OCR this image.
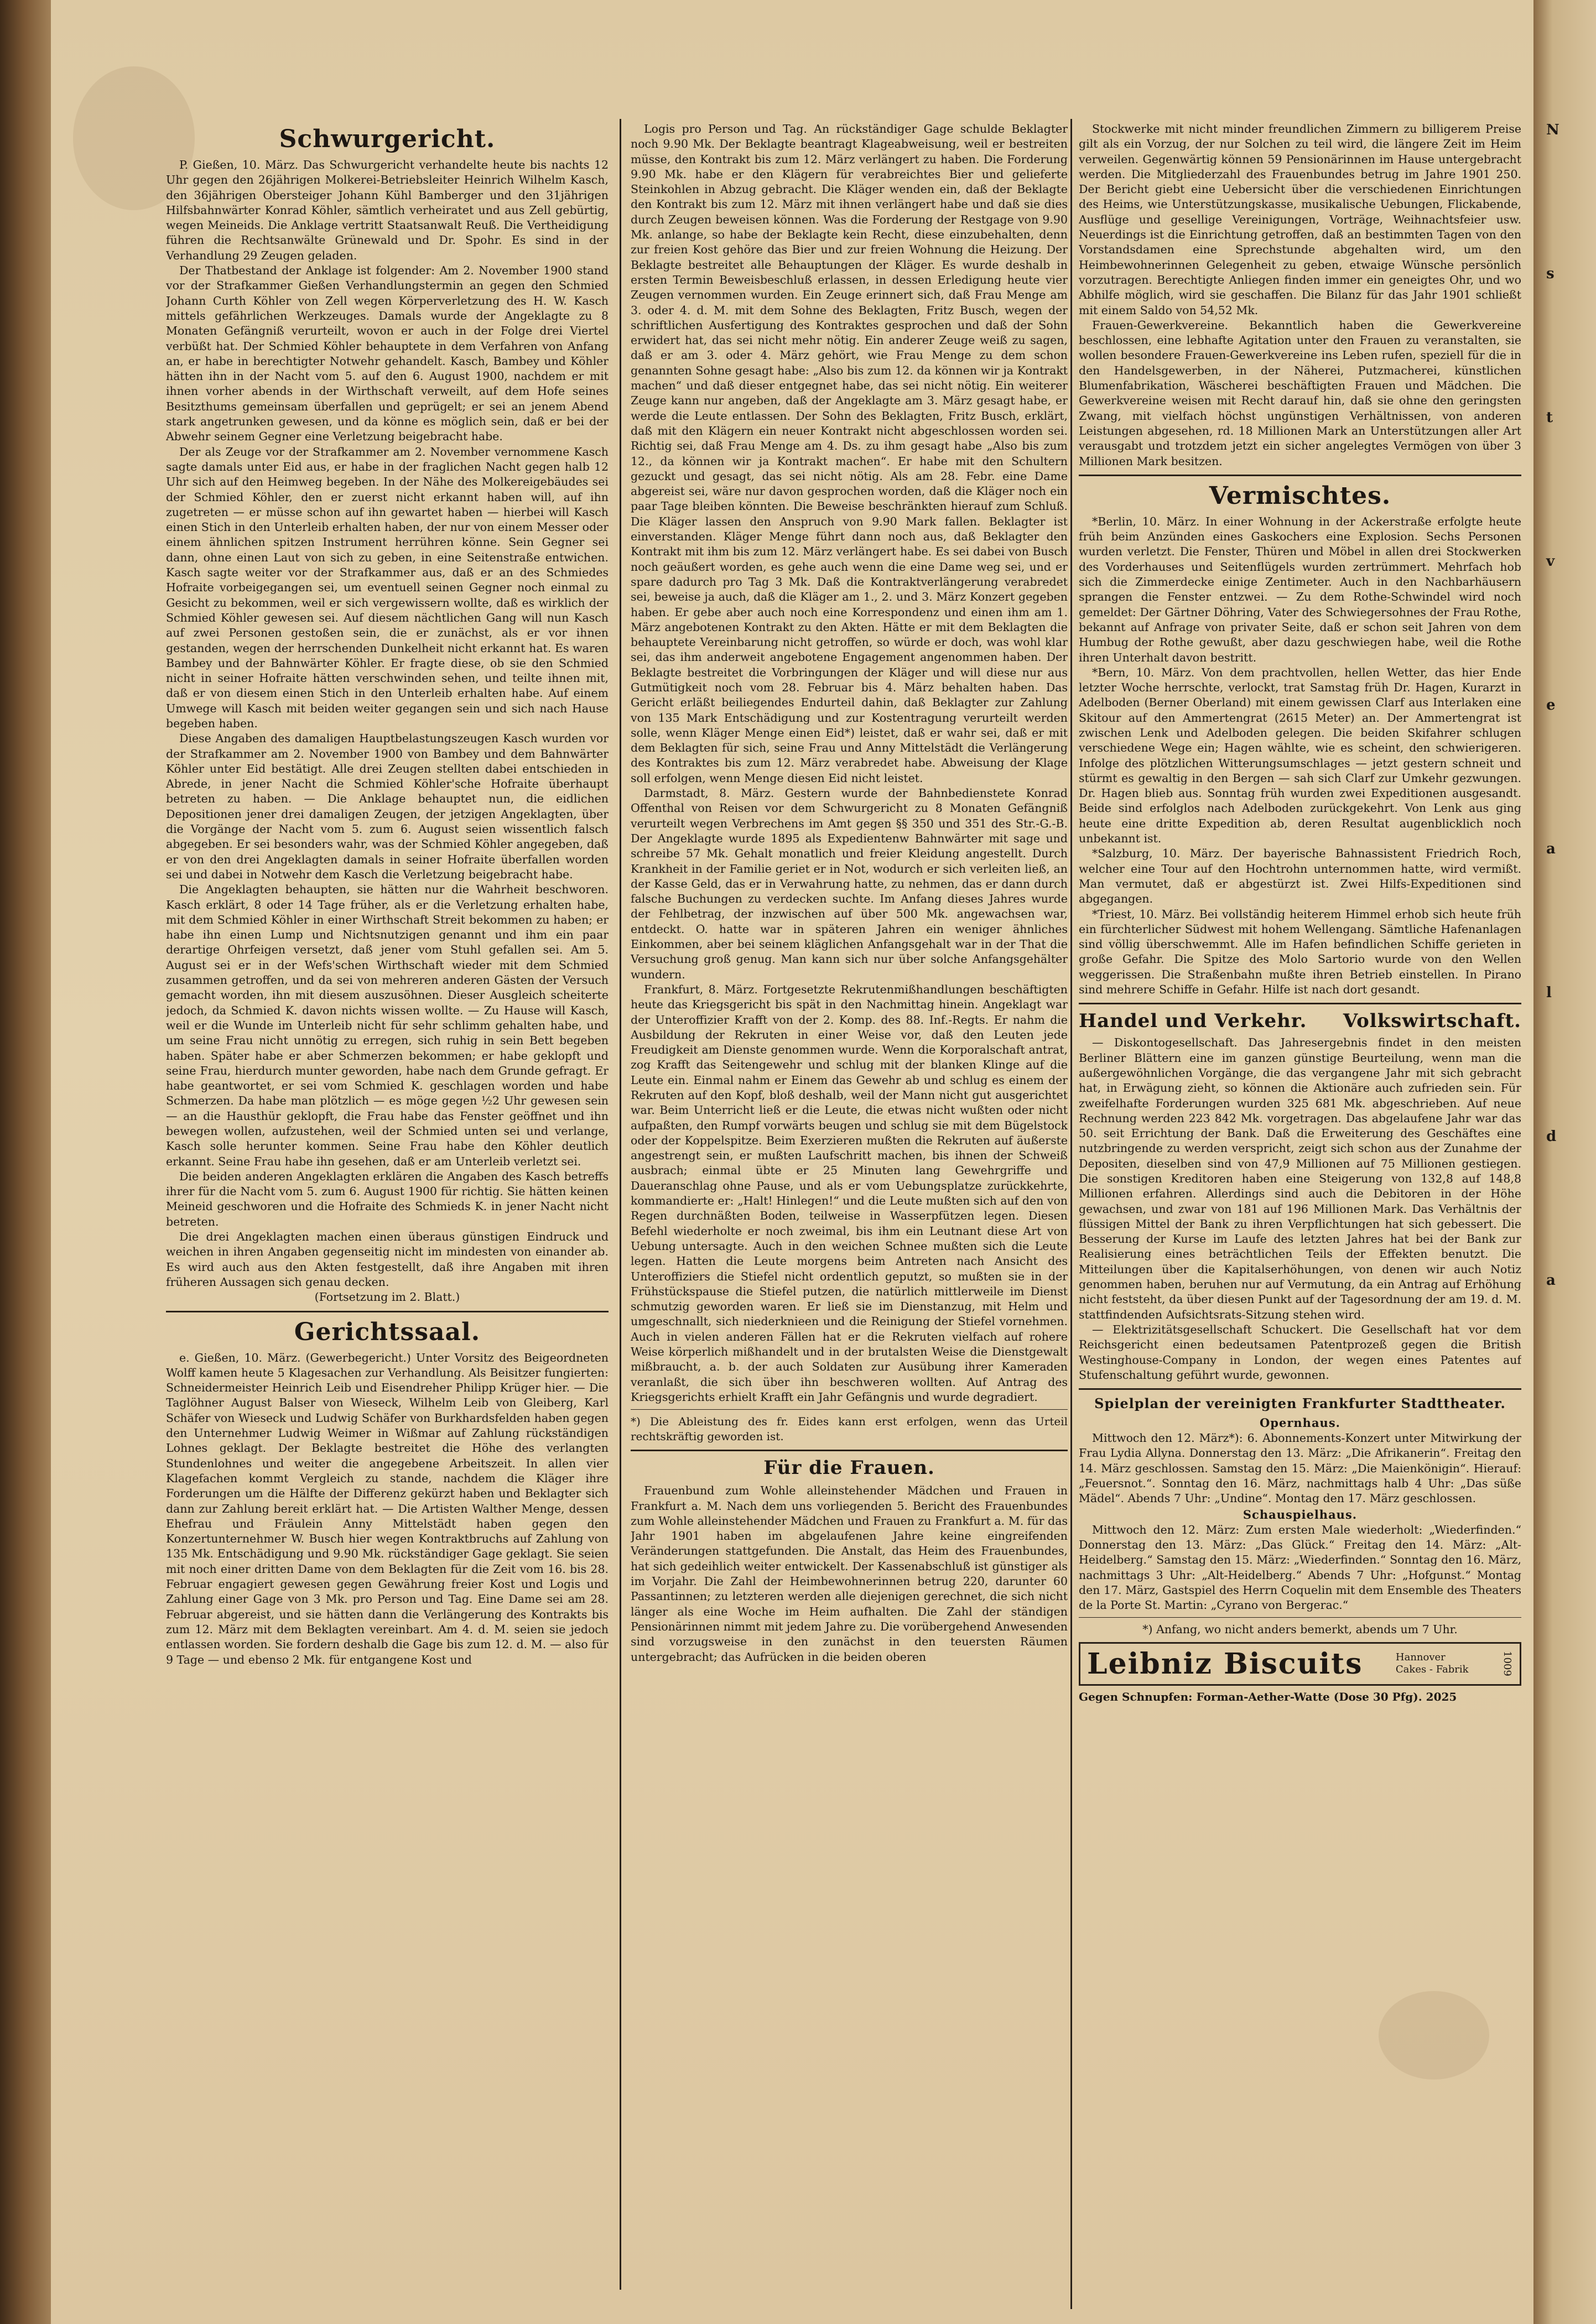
Schwurgericht.

P. Gießen, 10. März. Das Schwurgericht verhandelte heute bis nachts 12 Uhr gegen den 26jährigen Molkerei-Betriebsleiter Heinrich Wilhelm Kasch, den 36jährigen Obersteiger Johann Kühl Bamberger und den 31jährigen Hilfsbahnwärter Konrad Köhler, sämtlich verheiratet und aus Zell gebürtig, wegen Meineids. Die Anklage vertritt Staatsanwalt Reuß. Die Vertheidigung führen die Rechtsanwälte Grünewald und Dr. Spohr. Es sind in der Verhandlung 29 Zeugen geladen.

Der Thatbestand der Anklage ist folgender: Am 2. November 1900 stand vor der Strafkammer Gießen Verhandlungstermin an gegen den Schmied Johann Curth Köhler von Zell wegen Körperverletzung des H. W. Kasch mittels gefährlichen Werkzeuges. Damals wurde der Angeklagte zu 8 Monaten Gefängniß verurteilt, wovon er auch in der Folge drei Viertel verbüßt hat. Der Schmied Köhler behauptete in dem Verfahren von Anfang an, er habe in berechtigter Notwehr gehandelt. Kasch, Bambey und Köhler hätten ihn in der Nacht vom 5. auf den 6. August 1900, nachdem er mit ihnen vorher abends in der Wirthschaft verweilt, auf dem Hofe seines Besitzthums gemeinsam überfallen und geprügelt; er sei an jenem Abend stark angetrunken gewesen, und da könne es möglich sein, daß er bei der Abwehr seinem Gegner eine Verletzung beigebracht habe.

Der als Zeuge vor der Strafkammer am 2. November vernommene Kasch sagte damals unter Eid aus, er habe in der fraglichen Nacht gegen halb 12 Uhr sich auf den Heimweg begeben. In der Nähe des Molkereigebäudes sei der Schmied Köhler, den er zuerst nicht erkannt haben will, auf ihn zugetreten — er müsse schon auf ihn gewartet haben — hierbei will Kasch einen Stich in den Unterleib erhalten haben, der nur von einem Messer oder einem ähnlichen spitzen Instrument herrühren könne. Sein Gegner sei dann, ohne einen Laut von sich zu geben, in eine Seitenstraße entwichen. Kasch sagte weiter vor der Strafkammer aus, daß er an des Schmiedes Hofraite vorbeigegangen sei, um eventuell seinen Gegner noch einmal zu Gesicht zu bekommen, weil er sich vergewissern wollte, daß es wirklich der Schmied Köhler gewesen sei. Auf diesem nächtlichen Gang will nun Kasch auf zwei Personen gestoßen sein, die er zunächst, als er vor ihnen gestanden, wegen der herrschenden Dunkelheit nicht erkannt hat. Es waren Bambey und der Bahnwärter Köhler. Er fragte diese, ob sie den Schmied nicht in seiner Hofraite hätten verschwinden sehen, und teilte ihnen mit, daß er von diesem einen Stich in den Unterleib erhalten habe. Auf einem Umwege will Kasch mit beiden weiter gegangen sein und sich nach Hause begeben haben.

Diese Angaben des damaligen Hauptbelastungszeugen Kasch wurden vor der Strafkammer am 2. November 1900 von Bambey und dem Bahnwärter Köhler unter Eid bestätigt. Alle drei Zeugen stellten dabei entschieden in Abrede, in jener Nacht die Schmied Köhler'sche Hofraite überhaupt betreten zu haben. — Die Anklage behauptet nun, die eidlichen Depositionen jener drei damaligen Zeugen, der jetzigen Angeklagten, über die Vorgänge der Nacht vom 5. zum 6. August seien wissentlich falsch abgegeben. Er sei besonders wahr, was der Schmied Köhler angegeben, daß er von den drei Angeklagten damals in seiner Hofraite überfallen worden sei und dabei in Notwehr dem Kasch die Verletzung beigebracht habe.

Die Angeklagten behaupten, sie hätten nur die Wahrheit beschworen. Kasch erklärt, 8 oder 14 Tage früher, als er die Verletzung erhalten habe, mit dem Schmied Köhler in einer Wirthschaft Streit bekommen zu haben; er habe ihn einen Lump und Nichtsnutzigen genannt und ihm ein paar derartige Ohrfeigen versetzt, daß jener vom Stuhl gefallen sei. Am 5. August sei er in der Wefs'schen Wirthschaft wieder mit dem Schmied zusammen getroffen, und da sei von mehreren anderen Gästen der Versuch gemacht worden, ihn mit diesem auszusöhnen. Dieser Ausgleich scheiterte jedoch, da Schmied K. davon nichts wissen wollte. — Zu Hause will Kasch, weil er die Wunde im Unterleib nicht für sehr schlimm gehalten habe, und um seine Frau nicht unnötig zu erregen, sich ruhig in sein Bett begeben haben. Später habe er aber Schmerzen bekommen; er habe geklopft und seine Frau, hierdurch munter geworden, habe nach dem Grunde gefragt. Er habe geantwortet, er sei vom Schmied K. geschlagen worden und habe Schmerzen. Da habe man plötzlich — es möge gegen ½2 Uhr gewesen sein — an die Hausthür geklopft, die Frau habe das Fenster geöffnet und ihn bewegen wollen, aufzustehen, weil der Schmied unten sei und verlange, Kasch solle herunter kommen. Seine Frau habe den Köhler deutlich erkannt. Seine Frau habe ihn gesehen, daß er am Unterleib verletzt sei.

Die beiden anderen Angeklagten erklären die Angaben des Kasch betreffs ihrer für die Nacht vom 5. zum 6. August 1900 für richtig. Sie hätten keinen Meineid geschworen und die Hofraite des Schmieds K. in jener Nacht nicht betreten.

Die drei Angeklagten machen einen überaus günstigen Eindruck und weichen in ihren Angaben gegenseitig nicht im mindesten von einander ab. Es wird auch aus den Akten festgestellt, daß ihre Angaben mit ihren früheren Aussagen sich genau decken.

(Fortsetzung im 2. Blatt.)

Gerichtssaal.

e. Gießen, 10. März. (Gewerbegericht.) Unter Vorsitz des Beigeordneten Wolff kamen heute 5 Klagesachen zur Verhandlung. Als Beisitzer fungierten: Schneidermeister Heinrich Leib und Eisendreher Philipp Krüger hier. — Die Taglöhner August Balser von Wieseck, Wilhelm Leib von Gleiberg, Karl Schäfer von Wieseck und Ludwig Schäfer von Burkhardsfelden haben gegen den Unternehmer Ludwig Weimer in Wißmar auf Zahlung rückständigen Lohnes geklagt. Der Beklagte bestreitet die Höhe des verlangten Stundenlohnes und weiter die angegebene Arbeitszeit. In allen vier Klagefachen kommt Vergleich zu stande, nachdem die Kläger ihre Forderungen um die Hälfte der Differenz gekürzt haben und Beklagter sich dann zur Zahlung bereit erklärt hat. — Die Artisten Walther Menge, dessen Ehefrau und Fräulein Anny Mittelstädt haben gegen den Konzertunternehmer W. Busch hier wegen Kontraktbruchs auf Zahlung von 135 Mk. Entschädigung und 9.90 Mk. rückständiger Gage geklagt. Sie seien mit noch einer dritten Dame von dem Beklagten für die Zeit vom 16. bis 28. Februar engagiert gewesen gegen Gewährung freier Kost und Logis und Zahlung einer Gage von 3 Mk. pro Person und Tag. Eine Dame sei am 28. Februar abgereist, und sie hätten dann die Verlängerung des Kontrakts bis zum 12. März mit dem Beklagten vereinbart. Am 4. d. M. seien sie jedoch entlassen worden. Sie fordern deshalb die Gage bis zum 12. d. M. — also für 9 Tage — und ebenso 2 Mk. für entgangene Kost und

Logis pro Person und Tag. An rückständiger Gage schulde Beklagter noch 9.90 Mk. Der Beklagte beantragt Klageabweisung, weil er bestreiten müsse, den Kontrakt bis zum 12. März verlängert zu haben. Die Forderung 9.90 Mk. habe er den Klägern für verabreichtes Bier und gelieferte Steinkohlen in Abzug gebracht. Die Kläger wenden ein, daß der Beklagte den Kontrakt bis zum 12. März mit ihnen verlängert habe und daß sie dies durch Zeugen beweisen können. Was die Forderung der Restgage von 9.90 Mk. anlange, so habe der Beklagte kein Recht, diese einzubehalten, denn zur freien Kost gehöre das Bier und zur freien Wohnung die Heizung. Der Beklagte bestreitet alle Behauptungen der Kläger. Es wurde deshalb in ersten Termin Beweisbeschluß erlassen, in dessen Erledigung heute vier Zeugen vernommen wurden. Ein Zeuge erinnert sich, daß Frau Menge am 3. oder 4. d. M. mit dem Sohne des Beklagten, Fritz Busch, wegen der schriftlichen Ausfertigung des Kontraktes gesprochen und daß der Sohn erwidert hat, das sei nicht mehr nötig. Ein anderer Zeuge weiß zu sagen, daß er am 3. oder 4. März gehört, wie Frau Menge zu dem schon genannten Sohne gesagt habe: „Also bis zum 12. da können wir ja Kontrakt machen“ und daß dieser entgegnet habe, das sei nicht nötig. Ein weiterer Zeuge kann nur angeben, daß der Angeklagte am 3. März gesagt habe, er werde die Leute entlassen. Der Sohn des Beklagten, Fritz Busch, erklärt, daß mit den Klägern ein neuer Kontrakt nicht abgeschlossen worden sei. Richtig sei, daß Frau Menge am 4. Ds. zu ihm gesagt habe „Also bis zum 12., da können wir ja Kontrakt machen“. Er habe mit den Schultern gezuckt und gesagt, das sei nicht nötig. Als am 28. Febr. eine Dame abgereist sei, wäre nur davon gesprochen worden, daß die Kläger noch ein paar Tage bleiben könnten. Die Beweise beschränkten hierauf zum Schluß. Die Kläger lassen den Anspruch von 9.90 Mark fallen. Beklagter ist einverstanden. Kläger Menge führt dann noch aus, daß Beklagter den Kontrakt mit ihm bis zum 12. März verlängert habe. Es sei dabei von Busch noch geäußert worden, es gehe auch wenn die eine Dame weg sei, und er spare dadurch pro Tag 3 Mk. Daß die Kontraktverlängerung verabredet sei, beweise ja auch, daß die Kläger am 1., 2. und 3. März Konzert gegeben haben. Er gebe aber auch noch eine Korrespondenz und einen ihm am 1. März angebotenen Kontrakt zu den Akten. Hätte er mit dem Beklagten die behauptete Vereinbarung nicht getroffen, so würde er doch, was wohl klar sei, das ihm anderweit angebotene Engagement angenommen haben. Der Beklagte bestreitet die Vorbringungen der Kläger und will diese nur aus Gutmütigkeit noch vom 28. Februar bis 4. März behalten haben. Das Gericht erläßt beiliegendes Endurteil dahin, daß Beklagter zur Zahlung von 135 Mark Entschädigung und zur Kostentragung verurteilt werden solle, wenn Kläger Menge einen Eid*) leistet, daß er wahr sei, daß er mit dem Beklagten für sich, seine Frau und Anny Mittelstädt die Verlängerung des Kontraktes bis zum 12. März verabredet habe. Abweisung der Klage soll erfolgen, wenn Menge diesen Eid nicht leistet.

Darmstadt, 8. März. Gestern wurde der Bahnbedienstete Konrad Offenthal von Reisen vor dem Schwurgericht zu 8 Monaten Gefängniß verurteilt wegen Verbrechens im Amt gegen §§ 350 und 351 des Str.-G.-B. Der Angeklagte wurde 1895 als Expedientenw Bahnwärter mit sage und schreibe 57 Mk. Gehalt monatlich und freier Kleidung angestellt. Durch Krankheit in der Familie geriet er in Not, wodurch er sich verleiten ließ, an der Kasse Geld, das er in Verwahrung hatte, zu nehmen, das er dann durch falsche Buchungen zu verdecken suchte. Im Anfang dieses Jahres wurde der Fehlbetrag, der inzwischen auf über 500 Mk. angewachsen war, entdeckt. O. hatte war in späteren Jahren ein weniger ähnliches Einkommen, aber bei seinem kläglichen Anfangsgehalt war in der That die Versuchung groß genug. Man kann sich nur über solche Anfangsgehälter wundern.

Frankfurt, 8. März. Fortgesetzte Rekrutenmißhandlungen beschäftigten heute das Kriegsgericht bis spät in den Nachmittag hinein. Angeklagt war der Unteroffizier Krafft von der 2. Komp. des 88. Inf.-Regts. Er nahm die Ausbildung der Rekruten in einer Weise vor, daß den Leuten jede Freudigkeit am Dienste genommen wurde. Wenn die Korporalschaft antrat, zog Krafft das Seitengewehr und schlug mit der blanken Klinge auf die Leute ein. Einmal nahm er Einem das Gewehr ab und schlug es einem der Rekruten auf den Kopf, bloß deshalb, weil der Mann nicht gut ausgerichtet war. Beim Unterricht ließ er die Leute, die etwas nicht wußten oder nicht aufpaßten, den Rumpf vorwärts beugen und schlug sie mit dem Bügelstock oder der Koppelspitze. Beim Exerzieren mußten die Rekruten auf äußerste angestrengt sein, er mußten Laufschritt machen, bis ihnen der Schweiß ausbrach; einmal übte er 25 Minuten lang Gewehrgriffe und Daueranschlag ohne Pause, und als er vom Uebungsplatze zurückkehrte, kommandierte er: „Halt! Hinlegen!“ und die Leute mußten sich auf den von Regen durchnäßten Boden, teilweise in Wasserpfützen legen. Diesen Befehl wiederholte er noch zweimal, bis ihm ein Leutnant diese Art von Uebung untersagte. Auch in den weichen Schnee mußten sich die Leute legen. Hatten die Leute morgens beim Antreten nach Ansicht des Unteroffiziers die Stiefel nicht ordentlich geputzt, so mußten sie in der Frühstückspause die Stiefel putzen, die natürlich mittlerweile im Dienst schmutzig geworden waren. Er ließ sie im Dienstanzug, mit Helm und umgeschnallt, sich niederknieen und die Reinigung der Stiefel vornehmen. Auch in vielen anderen Fällen hat er die Rekruten vielfach auf rohere Weise körperlich mißhandelt und in der brutalsten Weise die Dienstgewalt mißbraucht, a. b. der auch Soldaten zur Ausübung ihrer Kameraden veranlaßt, die sich über ihn beschweren wollten. Auf Antrag des Kriegsgerichts erhielt Krafft ein Jahr Gefängnis und wurde degradiert.

*) Die Ableistung des fr. Eides kann erst erfolgen, wenn das Urteil rechtskräftig geworden ist.

Für die Frauen.

Frauenbund zum Wohle alleinstehender Mädchen und Frauen in Frankfurt a. M. Nach dem uns vorliegenden 5. Bericht des Frauenbundes zum Wohle alleinstehender Mädchen und Frauen zu Frankfurt a. M. für das Jahr 1901 haben im abgelaufenen Jahre keine eingreifenden Veränderungen stattgefunden. Die Anstalt, das Heim des Frauenbundes, hat sich gedeihlich weiter entwickelt. Der Kassenabschluß ist günstiger als im Vorjahr. Die Zahl der Heimbewohnerinnen betrug 220, darunter 60 Passantinnen; zu letzteren werden alle diejenigen gerechnet, die sich nicht länger als eine Woche im Heim aufhalten. Die Zahl der ständigen Pensionärinnen nimmt mit jedem Jahre zu. Die vorübergehend Anwesenden sind vorzugsweise in den zunächst in den teuersten Räumen untergebracht; das Aufrücken in die beiden oberen

Stockwerke mit nicht minder freundlichen Zimmern zu billigerem Preise gilt als ein Vorzug, der nur Solchen zu teil wird, die längere Zeit im Heim verweilen. Gegenwärtig können 59 Pensionärinnen im Hause untergebracht werden. Die Mitgliederzahl des Frauenbundes betrug im Jahre 1901 250. Der Bericht giebt eine Uebersicht über die verschiedenen Einrichtungen des Heims, wie Unterstützungskasse, musikalische Uebungen, Flickabende, Ausflüge und gesellige Vereinigungen, Vorträge, Weihnachtsfeier usw. Neuerdings ist die Einrichtung getroffen, daß an bestimmten Tagen von den Vorstandsdamen eine Sprechstunde abgehalten wird, um den Heimbewohnerinnen Gelegenheit zu geben, etwaige Wünsche persönlich vorzutragen. Berechtigte Anliegen finden immer ein geneigtes Ohr, und wo Abhilfe möglich, wird sie geschaffen. Die Bilanz für das Jahr 1901 schließt mit einem Saldo von 54,52 Mk.

Frauen-Gewerkvereine. Bekanntlich haben die Gewerkvereine beschlossen, eine lebhafte Agitation unter den Frauen zu veranstalten, sie wollen besondere Frauen-Gewerkvereine ins Leben rufen, speziell für die in den Handelsgewerben, in der Näherei, Putzmacherei, künstlichen Blumenfabrikation, Wäscherei beschäftigten Frauen und Mädchen. Die Gewerkvereine weisen mit Recht darauf hin, daß sie ohne den geringsten Zwang, mit vielfach höchst ungünstigen Verhältnissen, von anderen Leistungen abgesehen, rd. 18 Millionen Mark an Unterstützungen aller Art verausgabt und trotzdem jetzt ein sicher angelegtes Vermögen von über 3 Millionen Mark besitzen.

Vermischtes.

*Berlin, 10. März. In einer Wohnung in der Ackerstraße erfolgte heute früh beim Anzünden eines Gaskochers eine Explosion. Sechs Personen wurden verletzt. Die Fenster, Thüren und Möbel in allen drei Stockwerken des Vorderhauses und Seitenflügels wurden zertrümmert. Mehrfach hob sich die Zimmerdecke einige Zentimeter. Auch in den Nachbarhäusern sprangen die Fenster entzwei. — Zu dem Rothe-Schwindel wird noch gemeldet: Der Gärtner Döhring, Vater des Schwiegersohnes der Frau Rothe, bekannt auf Anfrage von privater Seite, daß er schon seit Jahren von dem Humbug der Rothe gewußt, aber dazu geschwiegen habe, weil die Rothe ihren Unterhalt davon bestritt.

*Bern, 10. März. Von dem prachtvollen, hellen Wetter, das hier Ende letzter Woche herrschte, verlockt, trat Samstag früh Dr. Hagen, Kurarzt in Adelboden (Berner Oberland) mit einem gewissen Clarf aus Interlaken eine Skitour auf den Ammertengrat (2615 Meter) an. Der Ammertengrat ist zwischen Lenk und Adelboden gelegen. Die beiden Skifahrer schlugen verschiedene Wege ein; Hagen wählte, wie es scheint, den schwierigeren. Infolge des plötzlichen Witterungsumschlages — jetzt gestern schneit und stürmt es gewaltig in den Bergen — sah sich Clarf zur Umkehr gezwungen. Dr. Hagen blieb aus. Sonntag früh wurden zwei Expeditionen ausgesandt. Beide sind erfolglos nach Adelboden zurückgekehrt. Von Lenk aus ging heute eine dritte Expedition ab, deren Resultat augenblicklich noch unbekannt ist.

*Salzburg, 10. März. Der bayerische Bahnassistent Friedrich Roch, welcher eine Tour auf den Hochtrohn unternommen hatte, wird vermißt. Man vermutet, daß er abgestürzt ist. Zwei Hilfs-Expeditionen sind abgegangen.

*Triest, 10. März. Bei vollständig heiterem Himmel erhob sich heute früh ein fürchterlicher Südwest mit hohem Wellengang. Sämtliche Hafenanlagen sind völlig überschwemmt. Alle im Hafen befindlichen Schiffe gerieten in große Gefahr. Die Spitze des Molo Sartorio wurde von den Wellen weggerissen. Die Straßenbahn mußte ihren Betrieb einstellen. In Pirano sind mehrere Schiffe in Gefahr. Hilfe ist nach dort gesandt.

Handel und Verkehr. Volkswirtschaft.

— Diskontogesellschaft. Das Jahresergebnis findet in den meisten Berliner Blättern eine im ganzen günstige Beurteilung, wenn man die außergewöhnlichen Vorgänge, die das vergangene Jahr mit sich gebracht hat, in Erwägung zieht, so können die Aktionäre auch zufrieden sein. Für zweifelhafte Forderungen wurden 325 681 Mk. abgeschrieben. Auf neue Rechnung werden 223 842 Mk. vorgetragen. Das abgelaufene Jahr war das 50. seit Errichtung der Bank. Daß die Erweiterung des Geschäftes eine nutzbringende zu werden verspricht, zeigt sich schon aus der Zunahme der Depositen, dieselben sind von 47,9 Millionen auf 75 Millionen gestiegen. Die sonstigen Kreditoren haben eine Steigerung von 132,8 auf 148,8 Millionen erfahren. Allerdings sind auch die Debitoren in der Höhe gewachsen, und zwar von 181 auf 196 Millionen Mark. Das Verhältnis der flüssigen Mittel der Bank zu ihren Verpflichtungen hat sich gebessert. Die Besserung der Kurse im Laufe des letzten Jahres hat bei der Bank zur Realisierung eines beträchtlichen Teils der Effekten benutzt. Die Mitteilungen über die Kapitalserhöhungen, von denen wir auch Notiz genommen haben, beruhen nur auf Vermutung, da ein Antrag auf Erhöhung nicht feststeht, da über diesen Punkt auf der Tagesordnung der am 19. d. M. stattfindenden Aufsichtsrats-Sitzung stehen wird.

— Elektrizitätsgesellschaft Schuckert. Die Gesellschaft hat vor dem Reichsgericht einen bedeutsamen Patentprozeß gegen die British Westinghouse-Company in London, der wegen eines Patentes auf Stufenschaltung geführt wurde, gewonnen.

Spielplan der vereinigten Frankfurter Stadttheater.
Opernhaus.

Mittwoch den 12. März*): 6. Abonnements-Konzert unter Mitwirkung der Frau Lydia Allyna. Donnerstag den 13. März: „Die Afrikanerin“. Freitag den 14. März geschlossen. Samstag den 15. März: „Die Maienkönigin“. Hierauf: „Feuersnot.“. Sonntag den 16. März, nachmittags halb 4 Uhr: „Das süße Mädel“. Abends 7 Uhr: „Undine“. Montag den 17. März geschlossen.

Schauspielhaus.

Mittwoch den 12. März: Zum ersten Male wiederholt: „Wiederfinden.“ Donnerstag den 13. März: „Das Glück.“ Freitag den 14. März: „Alt-Heidelberg.“ Samstag den 15. März: „Wiederfinden.“ Sonntag den 16. März, nachmittags 3 Uhr: „Alt-Heidelberg.“ Abends 7 Uhr: „Hofgunst.“ Montag den 17. März, Gastspiel des Herrn Coquelin mit dem Ensemble des Theaters de la Porte St. Martin: „Cyrano von Bergerac.“

*) Anfang, wo nicht anders bemerkt, abends um 7 Uhr.

Leibniz Biscuits	Hannover
Cakes - Fabrik	1009
Gegen Schnupfen: Forman-Aether-Watte (Dose 30 Pfg). 2025
N
s
t
v
e
a
l
d
a
